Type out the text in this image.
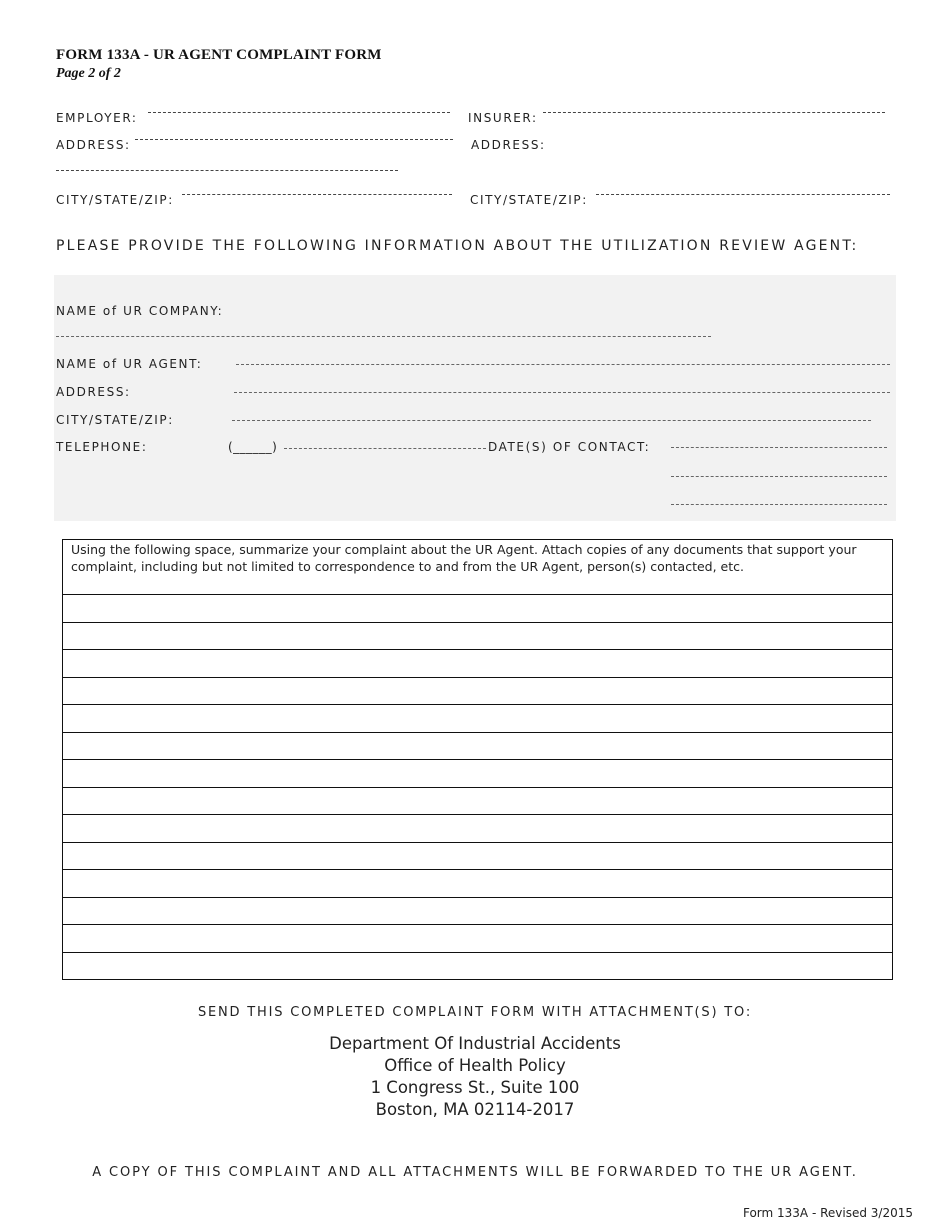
FORM 133A - UR AGENT COMPLAINT FORM
Page 2 of 2
EMPLOYER:
ADDRESS:
CITY/STATE/ZIP:
INSURER:
ADDRESS:
CITY/STATE/ZIP:
PLEASE PROVIDE THE FOLLOWING INFORMATION ABOUT THE UTILIZATION REVIEW AGENT:
NAME of UR COMPANY:
NAME of UR AGENT:
ADDRESS:
CITY/STATE/ZIP:
TELEPHONE:	(______)	DATE(S) OF CONTACT:
Using the following space, summarize your complaint about the UR Agent. Attach copies of any documents that support your complaint, including but not limited to correspondence to and from the UR Agent, person(s) contacted, etc.

SEND THIS COMPLETED COMPLAINT FORM WITH ATTACHMENT(S) TO:
Department Of Industrial Accidents
Office of Health Policy
1 Congress St., Suite 100
Boston, MA 02114-2017
A COPY OF THIS COMPLAINT AND ALL ATTACHMENTS WILL BE FORWARDED TO THE UR AGENT.
Form 133A - Revised 3/2015
